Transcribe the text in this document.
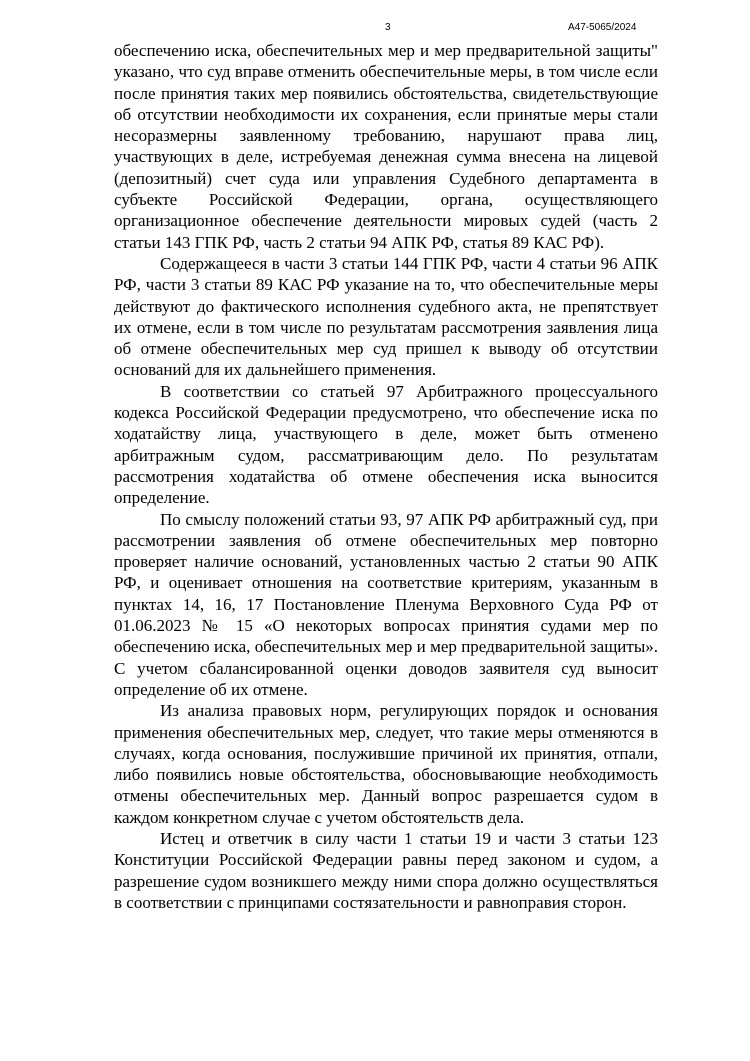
3	А47-5065/2024

обеспечению иска, обеспечительных мер и мер предварительной защиты" указано, что суд вправе отменить обеспечительные меры, в том числе если после принятия таких мер появились обстоятельства, свидетельствующие об отсутствии необходимости их сохранения, если принятые меры стали несоразмерны заявленному требованию, нарушают права лиц, участвующих в деле, истребуемая денежная сумма внесена на лицевой (депозитный) счет суда или управления Судебного департамента в субъекте Российской Федерации, органа, осуществляющего организационное обеспечение деятельности мировых судей (часть 2 статьи 143 ГПК РФ, часть 2 статьи 94 АПК РФ, статья 89 КАС РФ).

Содержащееся в части 3 статьи 144 ГПК РФ, части 4 статьи 96 АПК РФ, части 3 статьи 89 КАС РФ указание на то, что обеспечительные меры действуют до фактического исполнения судебного акта, не препятствует их отмене, если в том числе по результатам рассмотрения заявления лица об отмене обеспечительных мер суд пришел к выводу об отсутствии оснований для их дальнейшего применения.

В соответствии со статьей 97 Арбитражного процессуального кодекса Российской Федерации предусмотрено, что обеспечение иска по ходатайству лица, участвующего в деле, может быть отменено арбитражным судом, рассматривающим дело. По результатам рассмотрения ходатайства об отмене обеспечения иска выносится определение.

По смыслу положений статьи 93, 97 АПК РФ арбитражный суд, при рассмотрении заявления об отмене обеспечительных мер повторно проверяет наличие оснований, установленных частью 2 статьи 90 АПК РФ, и оценивает отношения на соответствие критериям, указанным в пунктах 14, 16, 17 Постановление Пленума Верховного Суда РФ от 01.06.2023 № 15 «О некоторых вопросах принятия судами мер по обеспечению иска, обеспечительных мер и мер предварительной защиты». С учетом сбалансированной оценки доводов заявителя суд выносит определение об их отмене.

Из анализа правовых норм, регулирующих порядок и основания применения обеспечительных мер, следует, что такие меры отменяются в случаях, когда основания, послужившие причиной их принятия, отпали, либо появились новые обстоятельства, обосновывающие необходимость отмены обеспечительных мер. Данный вопрос разрешается судом в каждом конкретном случае с учетом обстоятельств дела.

Истец и ответчик в силу части 1 статьи 19 и части 3 статьи 123 Конституции Российской Федерации равны перед законом и судом, а разрешение судом возникшего между ними спора должно осуществляться в соответствии с принципами состязательности и равноправия сторон.
